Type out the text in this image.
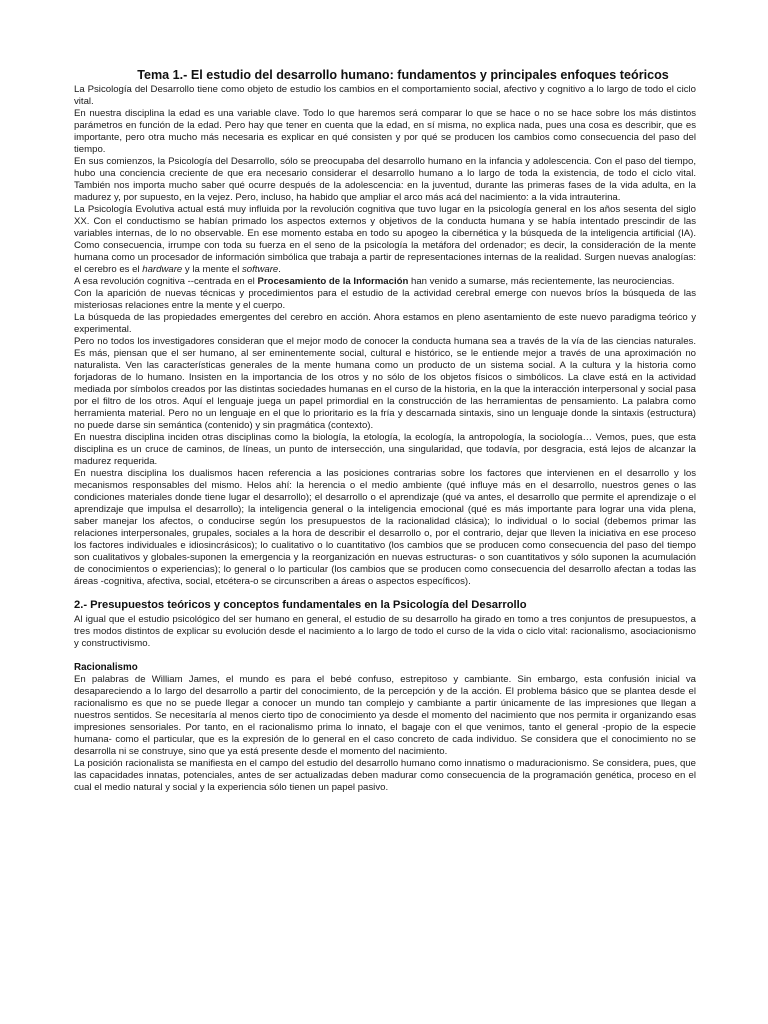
Tema 1.- El estudio del desarrollo humano: fundamentos y principales enfoques teóricos

La Psicología del Desarrollo tiene como objeto de estudio los cambios en el comportamiento social, afectivo y cognitivo a lo largo de todo el ciclo vital.

En nuestra disciplina la edad es una variable clave. Todo lo que haremos será comparar lo que se hace o no se hace sobre los más distintos parámetros en función de la edad. Pero hay que tener en cuenta que la edad, en sí misma, no explica nada, pues una cosa es describir, que es importante, pero otra mucho más necesaria es explicar en qué consisten y por qué se producen los cambios como consecuencia del paso del tiempo.

En sus comienzos, la Psicología del Desarrollo, sólo se preocupaba del desarrollo humano en la infancia y adolescencia. Con el paso del tiempo, hubo una conciencia creciente de que era necesario considerar el desarrollo humano a lo largo de toda la existencia, de todo el ciclo vital. También nos importa mucho saber qué ocurre después de la adolescencia: en la juventud, durante las primeras fases de la vida adulta, en la madurez y, por supuesto, en la vejez. Pero, incluso, ha habido que ampliar el arco más acá del nacimiento: a la vida intrauterina.

La Psicología Evolutiva actual está muy influida por la revolución cognitiva que tuvo lugar en la psicología general en los años sesenta del siglo XX. Con el conductismo se habían primado los aspectos externos y objetivos de la conducta humana y se había intentado prescindir de las variables internas, de lo no observable. En ese momento estaba en todo su apogeo la cibernética y la búsqueda de la inteligencia artificial (IA). Como consecuencia, irrumpe con toda su fuerza en el seno de la psicología la metáfora del ordenador; es decir, la consideración de la mente humana como un procesador de información simbólica que trabaja a partir de representaciones internas de la realidad. Surgen nuevas analogías: el cerebro es el hardware y la mente el software.

A esa revolución cognitiva --centrada en el Procesamiento de la Información han venido a sumarse, más recientemente, las neurociencias.

Con la aparición de nuevas técnicas y procedimientos para el estudio de la actividad cerebral emerge con nuevos bríos la búsqueda de las misteriosas relaciones entre la mente y el cuerpo.

La búsqueda de las propiedades emergentes del cerebro en acción. Ahora estamos en pleno asentamiento de este nuevo paradigma teórico y experimental.

Pero no todos los investigadores consideran que el mejor modo de conocer la conducta humana sea a través de la vía de las ciencias naturales. Es más, piensan que el ser humano, al ser eminentemente social, cultural e histórico, se le entiende mejor a través de una aproximación no naturalista. Ven las características generales de la mente humana como un producto de un sistema social. A la cultura y la historia como forjadoras de lo humano. Insisten en la importancia de los otros y no sólo de los objetos físicos o simbólicos. La clave está en la actividad mediada por símbolos creados por las distintas sociedades humanas en el curso de la historia, en la que la interacción interpersonal y social pasa por el filtro de los otros. Aquí el lenguaje juega un papel primordial en la construcción de las herramientas de pensamiento. La palabra como herramienta material. Pero no un lenguaje en el que lo prioritario es la fría y descarnada sintaxis, sino un lenguaje donde la sintaxis (estructura) no puede darse sin semántica (contenido) y sin pragmática (contexto).

En nuestra disciplina inciden otras disciplinas como la biología, la etología, la ecología, la antropología, la sociología… Vemos, pues, que esta disciplina es un cruce de caminos, de líneas, un punto de intersección, una singularidad, que todavía, por desgracia, está lejos de alcanzar la madurez requerida.

En nuestra disciplina los dualismos hacen referencia a las posiciones contrarias sobre los factores que intervienen en el desarrollo y los mecanismos responsables del mismo. Helos ahí: la herencia o el medio ambiente (qué influye más en el desarrollo, nuestros genes o las condiciones materiales donde tiene lugar el desarrollo); el desarrollo o el aprendizaje (qué va antes, el desarrollo que permite el aprendizaje o el aprendizaje que impulsa el desarrollo); la inteligencia general o la inteligencia emocional (qué es más importante para lograr una vida plena, saber manejar los afectos, o conducirse según los presupuestos de la racionalidad clásica); lo individual o lo social (debemos primar las relaciones interpersonales, grupales, sociales a la hora de describir el desarrollo o, por el contrario, dejar que lleven la iniciativa en ese proceso los factores individuales e idiosincrásicos); lo cualitativo o lo cuantitativo (los cambios que se producen como consecuencia del paso del tiempo son cualitativos y globales-suponen la emergencia y la reorganización en nuevas estructuras- o son cuantitativos y sólo suponen la acumulación de conocimientos o experiencias); lo general o lo particular (los cambios que se producen como consecuencia del desarrollo afectan a todas las áreas -cognitiva, afectiva, social, etcétera-o se circunscriben a áreas o aspectos específicos).

2.- Presupuestos teóricos y conceptos fundamentales en la Psicología del Desarrollo

Al igual que el estudio psicológico del ser humano en general, el estudio de su desarrollo ha girado en tomo a tres conjuntos de presupuestos, a tres modos distintos de explicar su evolución desde el nacimiento a lo largo de todo el curso de la vida o ciclo vital: racionalismo, asociacionismo y constructivismo.

Racionalismo

En palabras de William James, el mundo es para el bebé confuso, estrepitoso y cambiante. Sin embargo, esta confusión inicial va desapareciendo a lo largo del desarrollo a partir del conocimiento, de la percepción y de la acción. El problema básico que se plantea desde el racionalismo es que no se puede llegar a conocer un mundo tan complejo y cambiante a partir únicamente de las impresiones que llegan a nuestros sentidos. Se necesitaría al menos cierto tipo de conocimiento ya desde el momento del nacimiento que nos permita ir organizando esas impresiones sensoriales. Por tanto, en el racionalismo prima lo innato, el bagaje con el que venimos, tanto el general -propio de la especie humana- como el particular, que es la expresión de lo general en el caso concreto de cada individuo. Se considera que el conocimiento no se desarrolla ni se construye, sino que ya está presente desde el momento del nacimiento.

La posición racionalista se manifiesta en el campo del estudio del desarrollo humano como innatismo o maduracionismo. Se considera, pues, que las capacidades innatas, potenciales, antes de ser actualizadas deben madurar como consecuencia de la programación genética, proceso en el cual el medio natural y social y la experiencia sólo tienen un papel pasivo.
